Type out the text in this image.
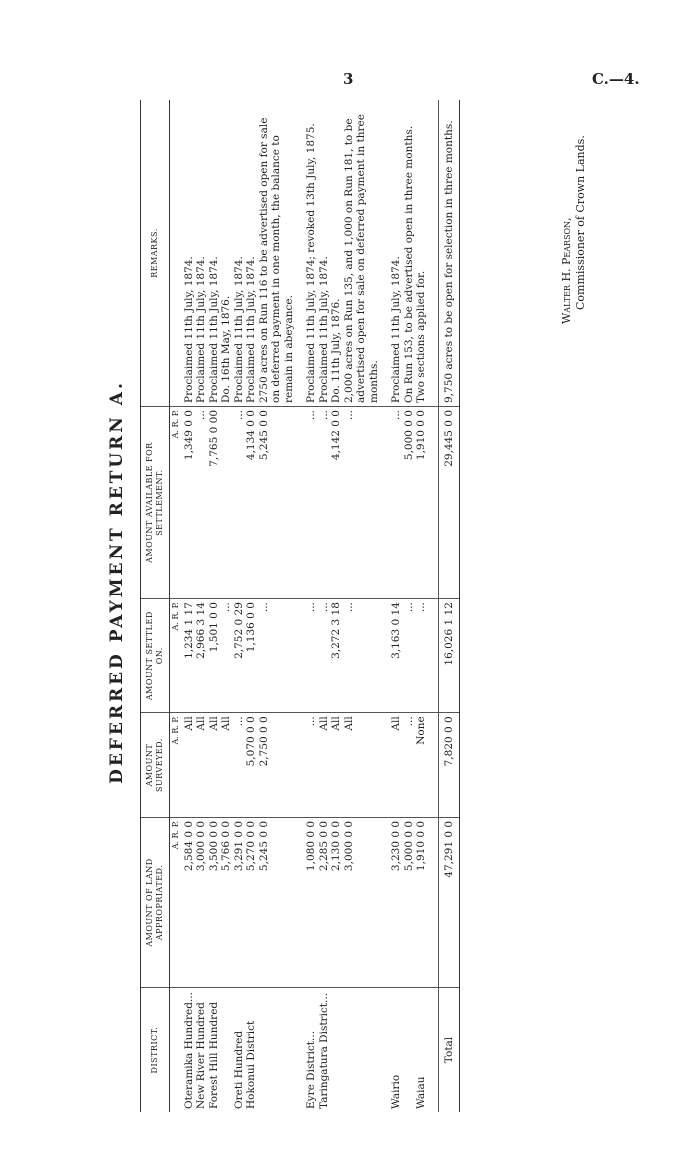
3	C.—4.
DEFERRED PAYMENT RETURN A.
DISTRICT.	AMOUNT OF LAND APPROPRIATED.	AMOUNT SURVEYED.	AMOUNT SETTLED ON.	AMOUNT AVAILABLE FOR SETTLEMENT.	REMARKS.
	A. R. P.	A. R. P.	A. R. P.	A. R. P.	
Oteramika Hundred...	2,584 0 0	All	1,234 1 17	1,349 0 0	Proclaimed 11th July, 1874.
New River Hundred	3,000 0 0	All	2,966 3 14	...	Proclaimed 11th July, 1874.
Forest Hill Hundred	3,500 0 0	All	1,501 0 0	7,765 0 00	Proclaimed 11th July, 1874.
	5,766 0 0	All	...		Do. 16th May, 1876.
Oreti Hundred	3,291 0 0	...	2,752 0 29	...	Proclaimed 11th July, 1874.
Hokonui District	5,270 0 0	5,070 0 0	1,136 0 0	4,134 0 0	Proclaimed 11th July, 1874.
	5,245 0 0	2,750 0 0	...	5,245 0 0	2750 acres on Run 116 to be advertised open for sale on deferred payment in one month, the balance to remain in abeyance.

Eyre District...	1,080 0 0	...	...	...	Proclaimed 11th July, 1874; revoked 13th July, 1875.
Taringatura District...	2,285 0 0	All	...	...	Proclaimed 11th July, 1874.
	2,130 0 0	All	3,272 3 18	4,142 0 0	Do. 11th July, 1876.
	3,000 0 0	All	...	...	2,000 acres on Run 135, and 1,000 on Run 181, to be advertised open for sale on deferred payment in three months.

Wairio	3,230 0 0	All	3,163 0 14	...	Proclaimed 11th July, 1874.
	5,000 0 0	...	...	5,000 0 0	On Run 153, to be advertised open in three months.
Waiau	1,910 0 0	None	...	1,910 0 0	Two sections applied for.

Total	47,291 0 0	7,820 0 0	16,026 1 12	29,445 0 0	9,750 acres to be open for selection in three months.	Walter H. Pearson, Commissioner of Crown Lands.
